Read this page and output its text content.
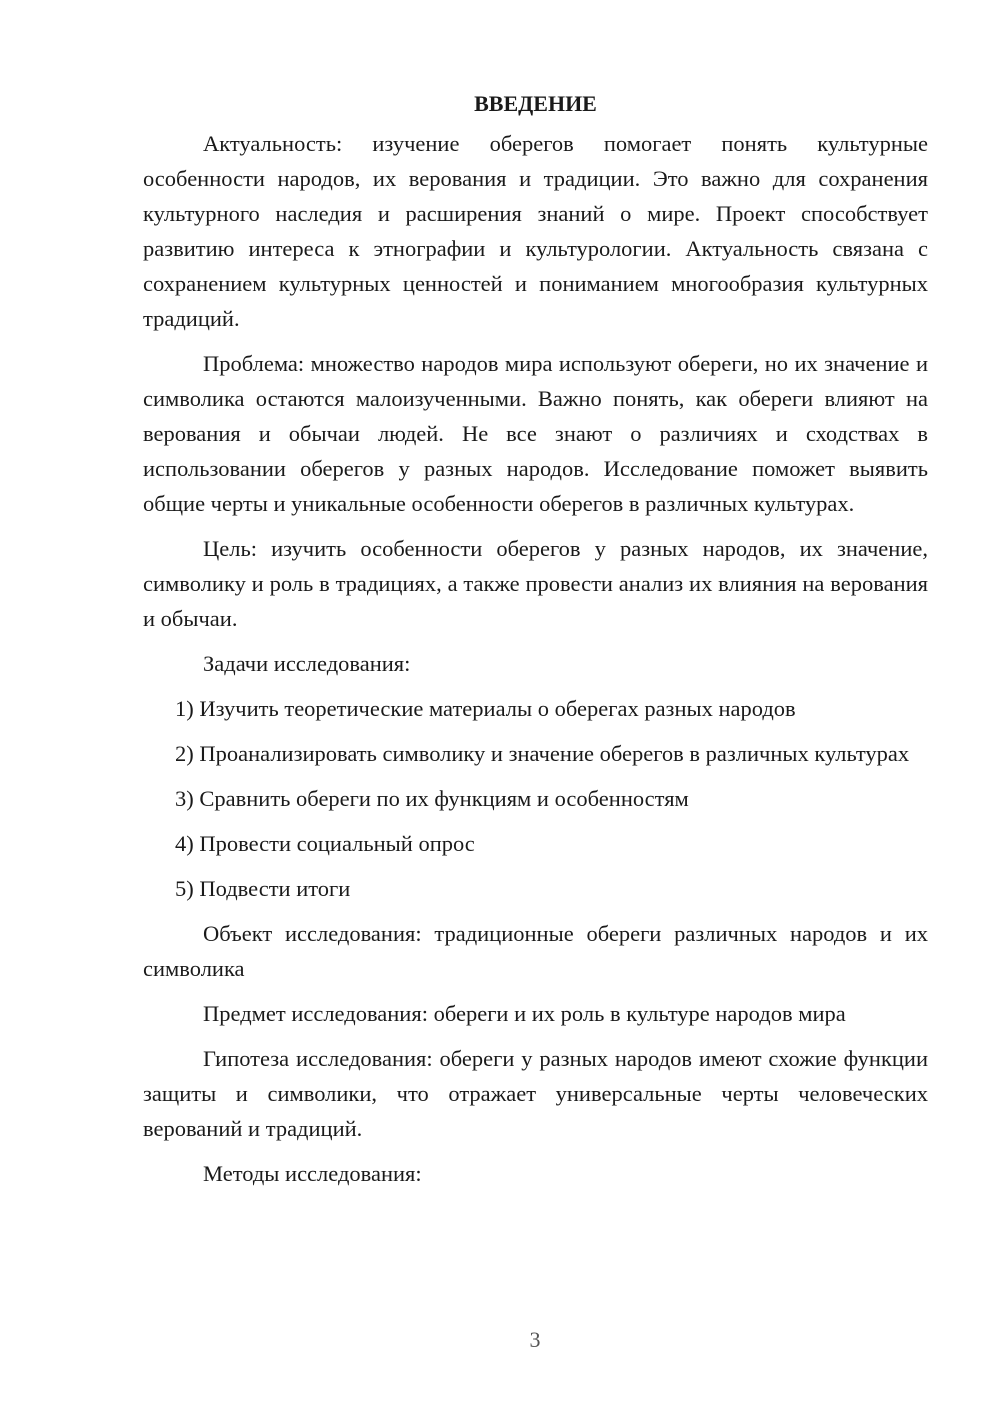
ВВЕДЕНИЕ
Актуальность: изучение оберегов помогает понять культурные особенности народов, их верования и традиции. Это важно для сохранения культурного наследия и расширения знаний о мире. Проект способствует развитию интереса к этнографии и культурологии. Актуальность связана с сохранением культурных ценностей и пониманием многообразия культурных традиций.
Проблема: множество народов мира используют обереги, но их значение и символика остаются малоизученными. Важно понять, как обереги влияют на верования и обычаи людей. Не все знают о различиях и сходствах в использовании оберегов у разных народов. Исследование поможет выявить общие черты и уникальные особенности оберегов в различных культурах.
Цель: изучить особенности оберегов у разных народов, их значение, символику и роль в традициях, а также провести анализ их влияния на верования и обычаи.
Задачи исследования:
1) Изучить теоретические материалы о оберегах разных народов
2) Проанализировать символику и значение оберегов в различных культурах
3) Сравнить обереги по их функциям и особенностям
4) Провести социальный опрос
5) Подвести итоги
Объект исследования: традиционные обереги различных народов и их символика
Предмет исследования: обереги и их роль в культуре народов мира
Гипотеза исследования: обереги у разных народов имеют схожие функции защиты и символики, что отражает универсальные черты человеческих верований и традиций.
Методы исследования:
3
